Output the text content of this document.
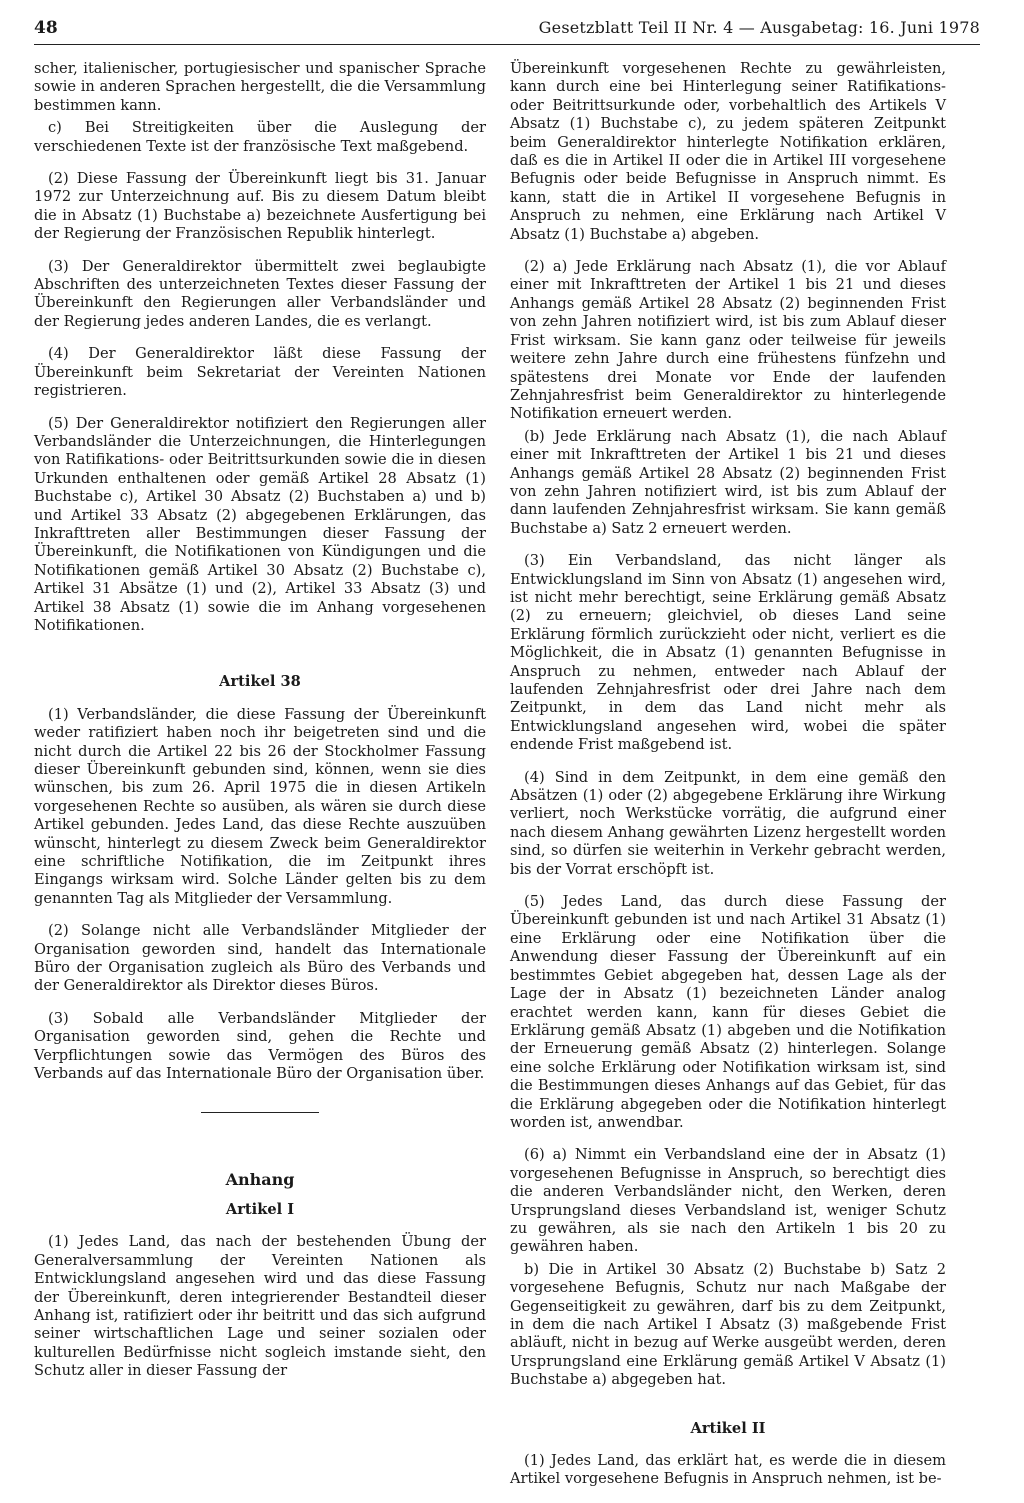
48	Gesetzblatt Teil II Nr. 4 — Ausgabetag: 16. Juni 1978

scher, italienischer, portugiesischer und spanischer Sprache sowie in anderen Sprachen hergestellt, die die Versammlung bestimmen kann.

c) Bei Streitigkeiten über die Auslegung der verschiedenen Texte ist der französische Text maßgebend.

(2) Diese Fassung der Übereinkunft liegt bis 31. Januar 1972 zur Unterzeichnung auf. Bis zu diesem Datum bleibt die in Absatz (1) Buchstabe a) bezeichnete Ausfertigung bei der Regierung der Französischen Republik hinterlegt.

(3) Der Generaldirektor übermittelt zwei beglaubigte Abschriften des unterzeichneten Textes dieser Fassung der Übereinkunft den Regierungen aller Verbandsländer und der Regierung jedes anderen Landes, die es verlangt.

(4) Der Generaldirektor läßt diese Fassung der Übereinkunft beim Sekretariat der Vereinten Nationen registrieren.

(5) Der Generaldirektor notifiziert den Regierungen aller Verbandsländer die Unterzeichnungen, die Hinterlegungen von Ratifikations- oder Beitrittsurkunden sowie die in diesen Urkunden enthaltenen oder gemäß Artikel 28 Absatz (1) Buchstabe c), Artikel 30 Absatz (2) Buchstaben a) und b) und Artikel 33 Absatz (2) abgegebenen Erklärungen, das Inkrafttreten aller Bestimmungen dieser Fassung der Übereinkunft, die Notifikationen von Kündigungen und die Notifikationen gemäß Artikel 30 Absatz (2) Buchstabe c), Artikel 31 Absätze (1) und (2), Artikel 33 Absatz (3) und Artikel 38 Absatz (1) sowie die im Anhang vorgesehenen Notifikationen.

Artikel 38

(1) Verbandsländer, die diese Fassung der Übereinkunft weder ratifiziert haben noch ihr beigetreten sind und die nicht durch die Artikel 22 bis 26 der Stockholmer Fassung dieser Übereinkunft gebunden sind, können, wenn sie dies wünschen, bis zum 26. April 1975 die in diesen Artikeln vorgesehenen Rechte so ausüben, als wären sie durch diese Artikel gebunden. Jedes Land, das diese Rechte auszuüben wünscht, hinterlegt zu diesem Zweck beim Generaldirektor eine schriftliche Notifikation, die im Zeitpunkt ihres Eingangs wirksam wird. Solche Länder gelten bis zu dem genannten Tag als Mitglieder der Versammlung.

(2) Solange nicht alle Verbandsländer Mitglieder der Organisation geworden sind, handelt das Internationale Büro der Organisation zugleich als Büro des Verbands und der Generaldirektor als Direktor dieses Büros.

(3) Sobald alle Verbandsländer Mitglieder der Organisation geworden sind, gehen die Rechte und Verpflichtungen sowie das Vermögen des Büros des Verbands auf das Internationale Büro der Organisation über.

Anhang
Artikel I

(1) Jedes Land, das nach der bestehenden Übung der Generalversammlung der Vereinten Nationen als Entwicklungsland angesehen wird und das diese Fassung der Übereinkunft, deren integrierender Bestandteil dieser Anhang ist, ratifiziert oder ihr beitritt und das sich aufgrund seiner wirtschaftlichen Lage und seiner sozialen oder kulturellen Bedürfnisse nicht sogleich imstande sieht, den Schutz aller in dieser Fassung der

Übereinkunft vorgesehenen Rechte zu gewährleisten, kann durch eine bei Hinterlegung seiner Ratifikations- oder Beitrittsurkunde oder, vorbehaltlich des Artikels V Absatz (1) Buchstabe c), zu jedem späteren Zeitpunkt beim Generaldirektor hinterlegte Notifikation erklären, daß es die in Artikel II oder die in Artikel III vorgesehene Befugnis oder beide Befugnisse in Anspruch nimmt. Es kann, statt die in Artikel II vorgesehene Befugnis in Anspruch zu nehmen, eine Erklärung nach Artikel V Absatz (1) Buchstabe a) abgeben.

(2) a) Jede Erklärung nach Absatz (1), die vor Ablauf einer mit Inkrafttreten der Artikel 1 bis 21 und dieses Anhangs gemäß Artikel 28 Absatz (2) beginnenden Frist von zehn Jahren notifiziert wird, ist bis zum Ablauf dieser Frist wirksam. Sie kann ganz oder teilweise für jeweils weitere zehn Jahre durch eine frühestens fünfzehn und spätestens drei Monate vor Ende der laufenden Zehnjahresfrist beim Generaldirektor zu hinterlegende Notifikation erneuert werden.

(b) Jede Erklärung nach Absatz (1), die nach Ablauf einer mit Inkrafttreten der Artikel 1 bis 21 und dieses Anhangs gemäß Artikel 28 Absatz (2) beginnenden Frist von zehn Jahren notifiziert wird, ist bis zum Ablauf der dann laufenden Zehnjahresfrist wirksam. Sie kann gemäß Buchstabe a) Satz 2 erneuert werden.

(3) Ein Verbandsland, das nicht länger als Entwicklungsland im Sinn von Absatz (1) angesehen wird, ist nicht mehr berechtigt, seine Erklärung gemäß Absatz (2) zu erneuern; gleichviel, ob dieses Land seine Erklärung förmlich zurückzieht oder nicht, verliert es die Möglichkeit, die in Absatz (1) genannten Befugnisse in Anspruch zu nehmen, entweder nach Ablauf der laufenden Zehnjahresfrist oder drei Jahre nach dem Zeitpunkt, in dem das Land nicht mehr als Entwicklungsland angesehen wird, wobei die später endende Frist maßgebend ist.

(4) Sind in dem Zeitpunkt, in dem eine gemäß den Absätzen (1) oder (2) abgegebene Erklärung ihre Wirkung verliert, noch Werkstücke vorrätig, die aufgrund einer nach diesem Anhang gewährten Lizenz hergestellt worden sind, so dürfen sie weiterhin in Verkehr gebracht werden, bis der Vorrat erschöpft ist.

(5) Jedes Land, das durch diese Fassung der Übereinkunft gebunden ist und nach Artikel 31 Absatz (1) eine Erklärung oder eine Notifikation über die Anwendung dieser Fassung der Übereinkunft auf ein bestimmtes Gebiet abgegeben hat, dessen Lage als der Lage der in Absatz (1) bezeichneten Länder analog erachtet werden kann, kann für dieses Gebiet die Erklärung gemäß Absatz (1) abgeben und die Notifikation der Erneuerung gemäß Absatz (2) hinterlegen. Solange eine solche Erklärung oder Notifikation wirksam ist, sind die Bestimmungen dieses Anhangs auf das Gebiet, für das die Erklärung abgegeben oder die Notifikation hinterlegt worden ist, anwendbar.

(6) a) Nimmt ein Verbandsland eine der in Absatz (1) vorgesehenen Befugnisse in Anspruch, so berechtigt dies die anderen Verbandsländer nicht, den Werken, deren Ursprungsland dieses Verbandsland ist, weniger Schutz zu gewähren, als sie nach den Artikeln 1 bis 20 zu gewähren haben.

b) Die in Artikel 30 Absatz (2) Buchstabe b) Satz 2 vorgesehene Befugnis, Schutz nur nach Maßgabe der Gegenseitigkeit zu gewähren, darf bis zu dem Zeitpunkt, in dem die nach Artikel I Absatz (3) maßgebende Frist abläuft, nicht in bezug auf Werke ausgeübt werden, deren Ursprungsland eine Erklärung gemäß Artikel V Absatz (1) Buchstabe a) abgegeben hat.

Artikel II

(1) Jedes Land, das erklärt hat, es werde die in diesem Artikel vorgesehene Befugnis in Anspruch nehmen, ist be-
